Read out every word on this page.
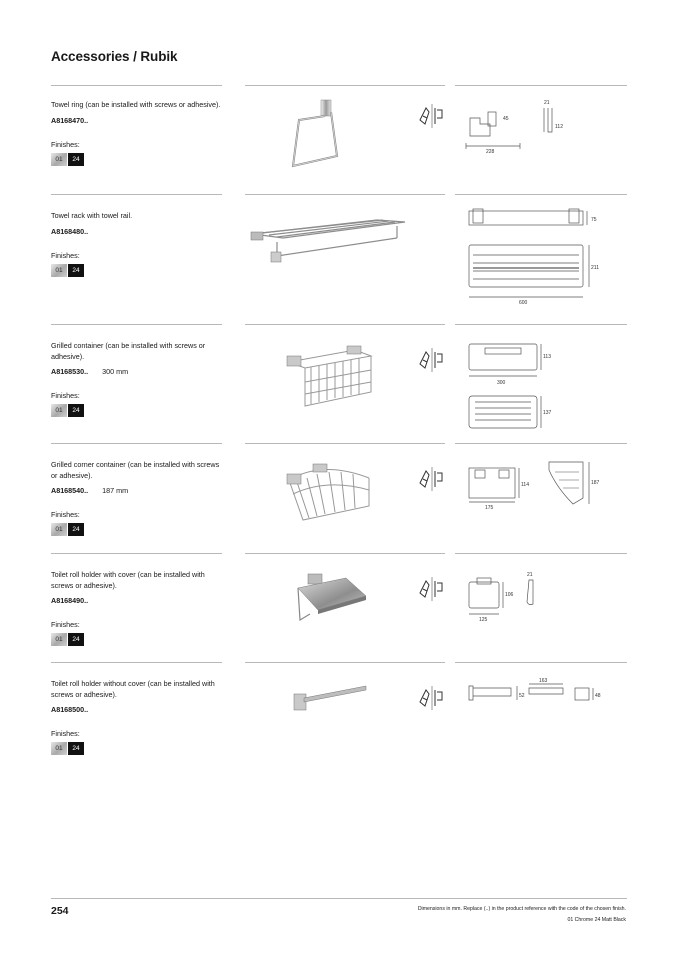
Accessories / Rubik
Towel ring (can be installed with screws or adhesive).
A8168470..
Finishes:
01	24
45
21
112
228
Towel rack with towel rail.
A8168480..
Finishes:
01	24
75
211
600
Grilled container (can be installed with screws or adhesive).
A8168530.. 300 mm
Finishes:
01	24
113
300
137
Grilled corner container (can be installed with screws or adhesive).
A8168540.. 187 mm
Finishes:
01	24
114
175
187
Toilet roll holder with cover (can be installed with screws or adhesive).
A8168490..
Finishes:
01	24
106
21
125
Toilet roll holder without cover (can be installed with screws or adhesive).
A8168500..
Finishes:
01	24
52
163
48
254	Dimensions in mm. Replace (..) in the product reference with the code of the chosen finish.
01 Chrome 24 Matt Black
